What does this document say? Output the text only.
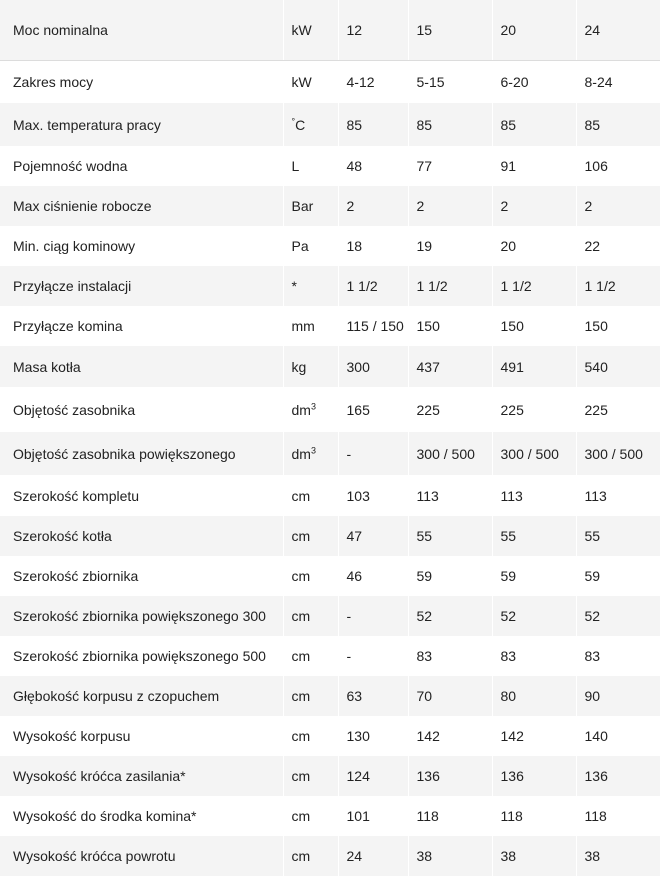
Moc nominalna	kW	12	15	20	24
Zakres mocy	kW	4-12	5-15	6-20	8-24
Max. temperatura pracy	°C	85	85	85	85
Pojemność wodna	L	48	77	91	106
Max ciśnienie robocze	Bar	2	2	2	2
Min. ciąg kominowy	Pa	18	19	20	22
Przyłącze instalacji	*	1 1/2	1 1/2	1 1/2	1 1/2
Przyłącze komina	mm	115 / 150	150	150	150
Masa kotła	kg	300	437	491	540
Objętość zasobnika	$dm^3$	165	225	225	225
Objętość zasobnika powiększonego	$dm^3$	-	300 / 500	300 / 500	300 / 500
Szerokość kompletu	cm	103	113	113	113
Szerokość kotła	cm	47	55	55	55
Szerokość zbiornika	cm	46	59	59	59
Szerokość zbiornika powiększonego 300	cm	-	52	52	52
Szerokość zbiornika powiększonego 500	cm	-	83	83	83
Głębokość korpusu z czopuchem	cm	63	70	80	90
Wysokość korpusu	cm	130	142	142	140
Wysokość króćca zasilania*	cm	124	136	136	136
Wysokość do środka komina*	cm	101	118	118	118
Wysokość króćca powrotu	cm	24	38	38	38
